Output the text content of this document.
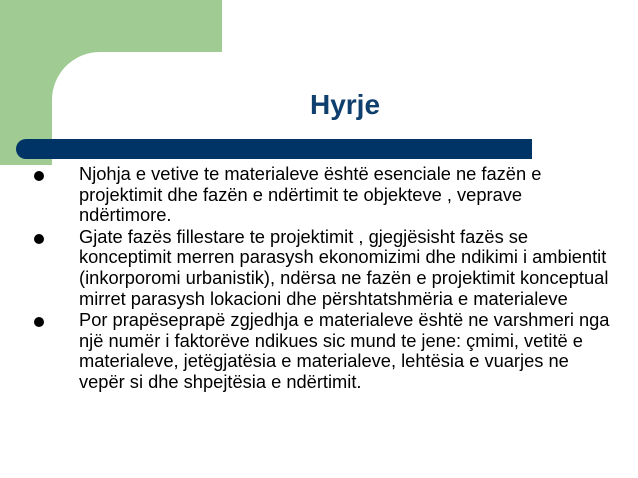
Hyrje
Njohja e vetive te materialeve është esenciale ne fazën e projektimit dhe fazën e ndërtimit te objekteve , veprave ndërtimore.
Gjate fazës fillestare te projektimit , gjegjësisht fazës se konceptimit merren parasysh ekonomizimi dhe ndikimi i ambientit (inkorporomi urbanistik), ndërsa ne fazën e projektimit konceptual mirret parasysh lokacioni dhe përshtatshmëria e materialeve
Por prapëseprapë zgjedhja e materialeve është ne varshmeri nga një numër i faktorëve ndikues sic mund te jene: çmimi, vetitë e materialeve, jetëgjatësia e materialeve, lehtësia e vuarjes ne vepër si dhe shpejtësia e ndërtimit.
